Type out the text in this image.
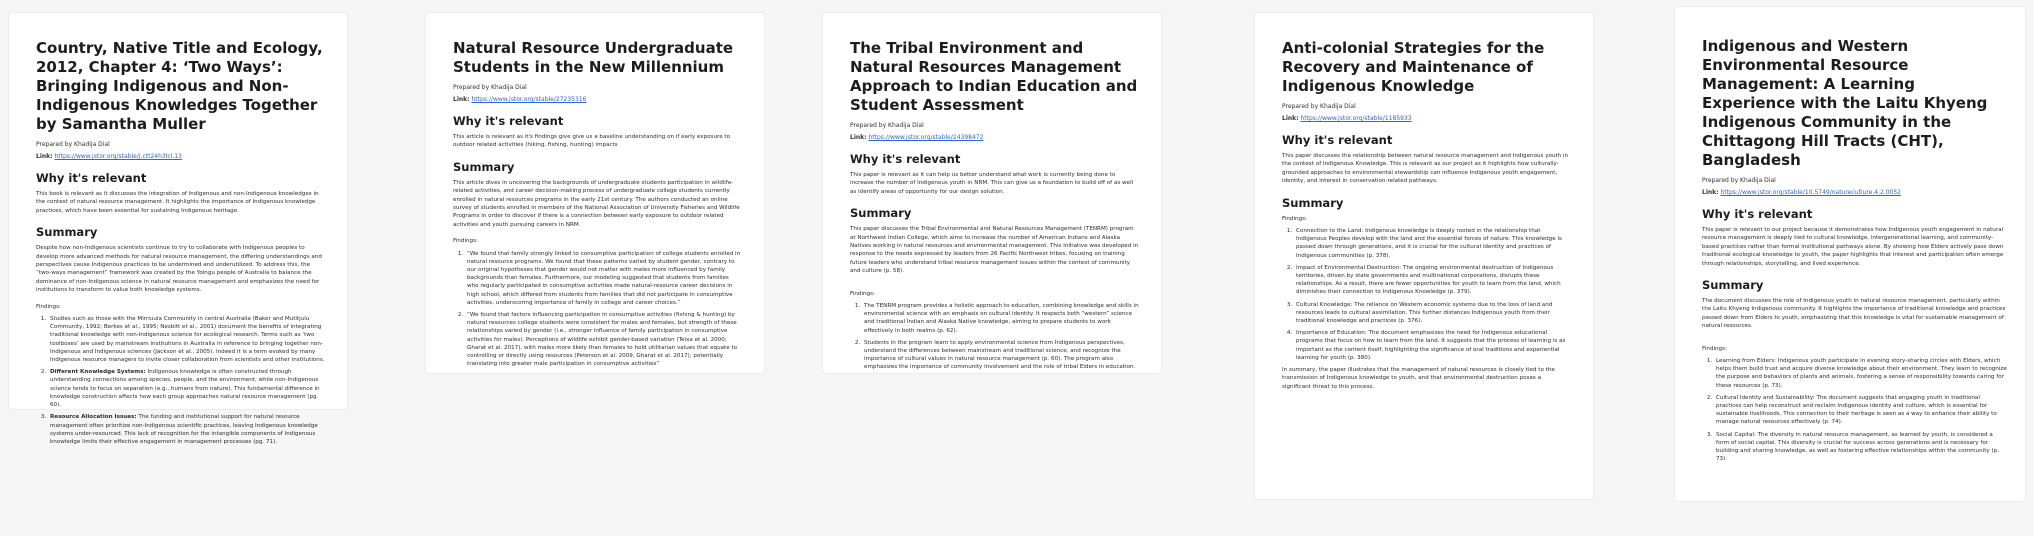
Country, Native Title and Ecology, 2012, Chapter 4: ‘Two Ways’: Bringing Indigenous and Non-Indigenous Knowledges Together by Samantha Muller
Prepared by Khadija Dial
Link: https://www.jstor.org/stable/j.ctt24h3lcl.13
Why it's relevant
This book is relevant as it discusses the integration of Indigenous and non-Indigenous knowledges in the context of natural resource management. It highlights the importance of Indigenous knowledge practices, which have been essential for sustaining Indigenous heritage.
Summary
Despite how non-Indigenous scientists continue to try to collaborate with Indigenous peoples to develop more advanced methods for natural resource management, the differing understandings and perspectives cause Indigenous practices to be undermined and underutilized. To address this, the “two-ways management” framework was created by the Yolngu people of Australia to balance the dominance of non-Indigenous science in natural resource management and emphasizes the need for institutions to transform to value both knowledge systems.
Findings:
1. Studies such as those with the Mirriuula Community in central Australia (Baker and Mutitjulu Community, 1992; Berkes et al., 1995; Nesbitt et al., 2001) document the benefits of integrating traditional knowledge with non-Indigenous science for ecological research. Terms such as ‘two toolboxes’ are used by mainstream institutions in Australia in reference to bringing together non-Indigenous and Indigenous sciences (Jackson et al., 2005). Indeed it is a term evoked by many Indigenous resource managers to invite closer collaboration from scientists and other institutions.
2. Different Knowledge Systems: Indigenous knowledge is often constructed through understanding connections among species, people, and the environment, while non-Indigenous science tends to focus on separation (e.g., humans from nature). This fundamental difference in knowledge construction affects how each group approaches natural resource management (pg. 60).
3. Resource Allocation Issues: The funding and institutional support for natural resource management often prioritize non-Indigenous scientific practices, leaving Indigenous knowledge systems under-resourced. This lack of recognition for the intangible components of Indigenous knowledge limits their effective engagement in management processes (pg. 71).
Natural Resource Undergraduate Students in the New Millennium
Prepared by Khadija Dial
Link: https://www.jstor.org/stable/27235316
Why it's relevant
This article is relevant as it's findings give give us a baseline understanding on if early exposure to outdoor related activities (hiking, fishing, hunting) impacts
Summary
This article dives in uncovering the backgrounds of undergraduate students participation in wildlife-related activities, and career decision-making process of undergraduate college students currently enrolled in natural resources programs in the early 21st century. The authors conducted an online survey of students enrolled in members of the National Association of University Fisheries and Wildlife Programs in order to discover if there is a connection between early exposure to outdoor related activities and youth pursuing careers in NRM.
Findings:
1. “We found that family strongly linked to consumptive participation of college students enrolled in natural resource programs. We found that these patterns varied by student gender, contrary to our original hypotheses that gender would not matter with males more influenced by family backgrounds than females. Furthermore, our modeling suggested that students from families who regularly participated in consumptive activities made natural-resource career decisions in high school, which differed from students from families that did not participate in consumptive activities, underscoring importance of family in college and career choices.”
2. “We found that factors influencing participation in consumptive activities (fishing & hunting) by natural resources college students were consistent for males and females, but strength of these relationships varied by gender (i.e., stronger influence of family participation in consumptive activities for males). Perceptions of wildlife exhibit gender-based variation (Teixa et al. 2000; Gharat et al. 2017), with males more likely than females to hold utilitarian values that equate to controlling or directly using resources (Peterson et al. 2009, Gharat et al. 2017), potentially translating into greater male participation in consumptive activities”
The Tribal Environment and Natural Resources Management Approach to Indian Education and Student Assessment
Prepared by Khadija Dial
Link: https://www.jstor.org/stable/24398472
Why it's relevant
This paper is relevant as it can help us better understand what work is currently being done to increase the number of Indigenous youth in NRM. This can give us a foundation to build off of as well as identify areas of opportunity for our design solution.
Summary
This paper discusses the Tribal Environmental and Natural Resources Management (TENRM) program at Northwest Indian College, which aims to increase the number of American Indians and Alaska Natives working in natural resources and environmental management. This initiative was developed in response to the needs expressed by leaders from 26 Pacific Northwest tribes, focusing on training future leaders who understand tribal resource management issues within the context of community and culture (p. 58).
Findings:
1. The TENRM program provides a holistic approach to education, combining knowledge and skills in environmental science with an emphasis on cultural identity. It respects both “western” science and traditional Indian and Alaska Native knowledge, aiming to prepare students to work effectively in both realms (p. 62).
2. Students in the program learn to apply environmental science from Indigenous perspectives, understand the differences between mainstream and traditional science, and recognize the importance of cultural values in natural resource management (p. 60). The program also emphasizes the importance of community involvement and the role of tribal Elders in education.
Anti-colonial Strategies for the Recovery and Maintenance of Indigenous Knowledge
Prepared by Khadija Dial
Link: https://www.jstor.org/stable/1185933
Why it's relevant
This paper discusses the relationship between natural resource management and Indigenous youth in the context of Indigenous Knowledge. This is relevant as our project as it highlights how culturally-grounded approaches to environmental stewardship can influence Indigenous youth engagement, identity, and interest in conservation-related pathways.
Summary
Findings:
1. Connection to the Land: Indigenous knowledge is deeply rooted in the relationship that Indigenous Peoples develop with the land and the essential forces of nature. This knowledge is passed down through generations, and it is crucial for the cultural identity and practices of Indigenous communities (p. 378).
2. Impact of Environmental Destruction: The ongoing environmental destruction of Indigenous territories, driven by state governments and multinational corporations, disrupts these relationships. As a result, there are fewer opportunities for youth to learn from the land, which diminishes their connection to Indigenous Knowledge (p. 379).
3. Cultural Knowledge: The reliance on Western economic systems due to the loss of land and resources leads to cultural assimilation. This further distances Indigenous youth from their traditional knowledge and practices (p. 376).
4. Importance of Education: The document emphasizes the need for Indigenous educational programs that focus on how to learn from the land. It suggests that the process of learning is as important as the content itself, highlighting the significance of oral traditions and experiential learning for youth (p. 380).
In summary, the paper illustrates that the management of natural resources is closely tied to the transmission of Indigenous knowledge to youth, and that environmental destruction poses a significant threat to this process.
Indigenous and Western Environmental Resource Management: A Learning Experience with the Laitu Khyeng Indigenous Community in the Chittagong Hill Tracts (CHT), Bangladesh
Prepared by Khadija Dial
Link: https://www.jstor.org/stable/10.5749/natureculture.4.2.0052
Why it's relevant
This paper is relevant to our project because it demonstrates how Indigenous youth engagement in natural resource management is deeply tied to cultural knowledge, intergenerational learning, and community-based practices rather than formal institutional pathways alone. By showing how Elders actively pass down traditional ecological knowledge to youth, the paper highlights that interest and participation often emerge through relationships, storytelling, and lived experience.
Summary
The document discusses the role of Indigenous youth in natural resource management, particularly within the Laitu Khyeng Indigenous community. It highlights the importance of traditional knowledge and practices passed down from Elders to youth, emphasizing that this knowledge is vital for sustainable management of natural resources.
Findings:
1. Learning from Elders: Indigenous youth participate in evening story-sharing circles with Elders, which helps them build trust and acquire diverse knowledge about their environment. They learn to recognize the purpose and behaviors of plants and animals, fostering a sense of responsibility towards caring for these resources (p. 73).
2. Cultural Identity and Sustainability: The document suggests that engaging youth in traditional practices can help reconstruct and reclaim Indigenous identity and culture, which is essential for sustainable livelihoods. This connection to their heritage is seen as a way to enhance their ability to manage natural resources effectively (p. 74).
3. Social Capital: The diversity in natural resource management, as learned by youth, is considered a form of social capital. This diversity is crucial for success across generations and is necessary for building and sharing knowledge, as well as fostering effective relationships within the community (p. 73).
